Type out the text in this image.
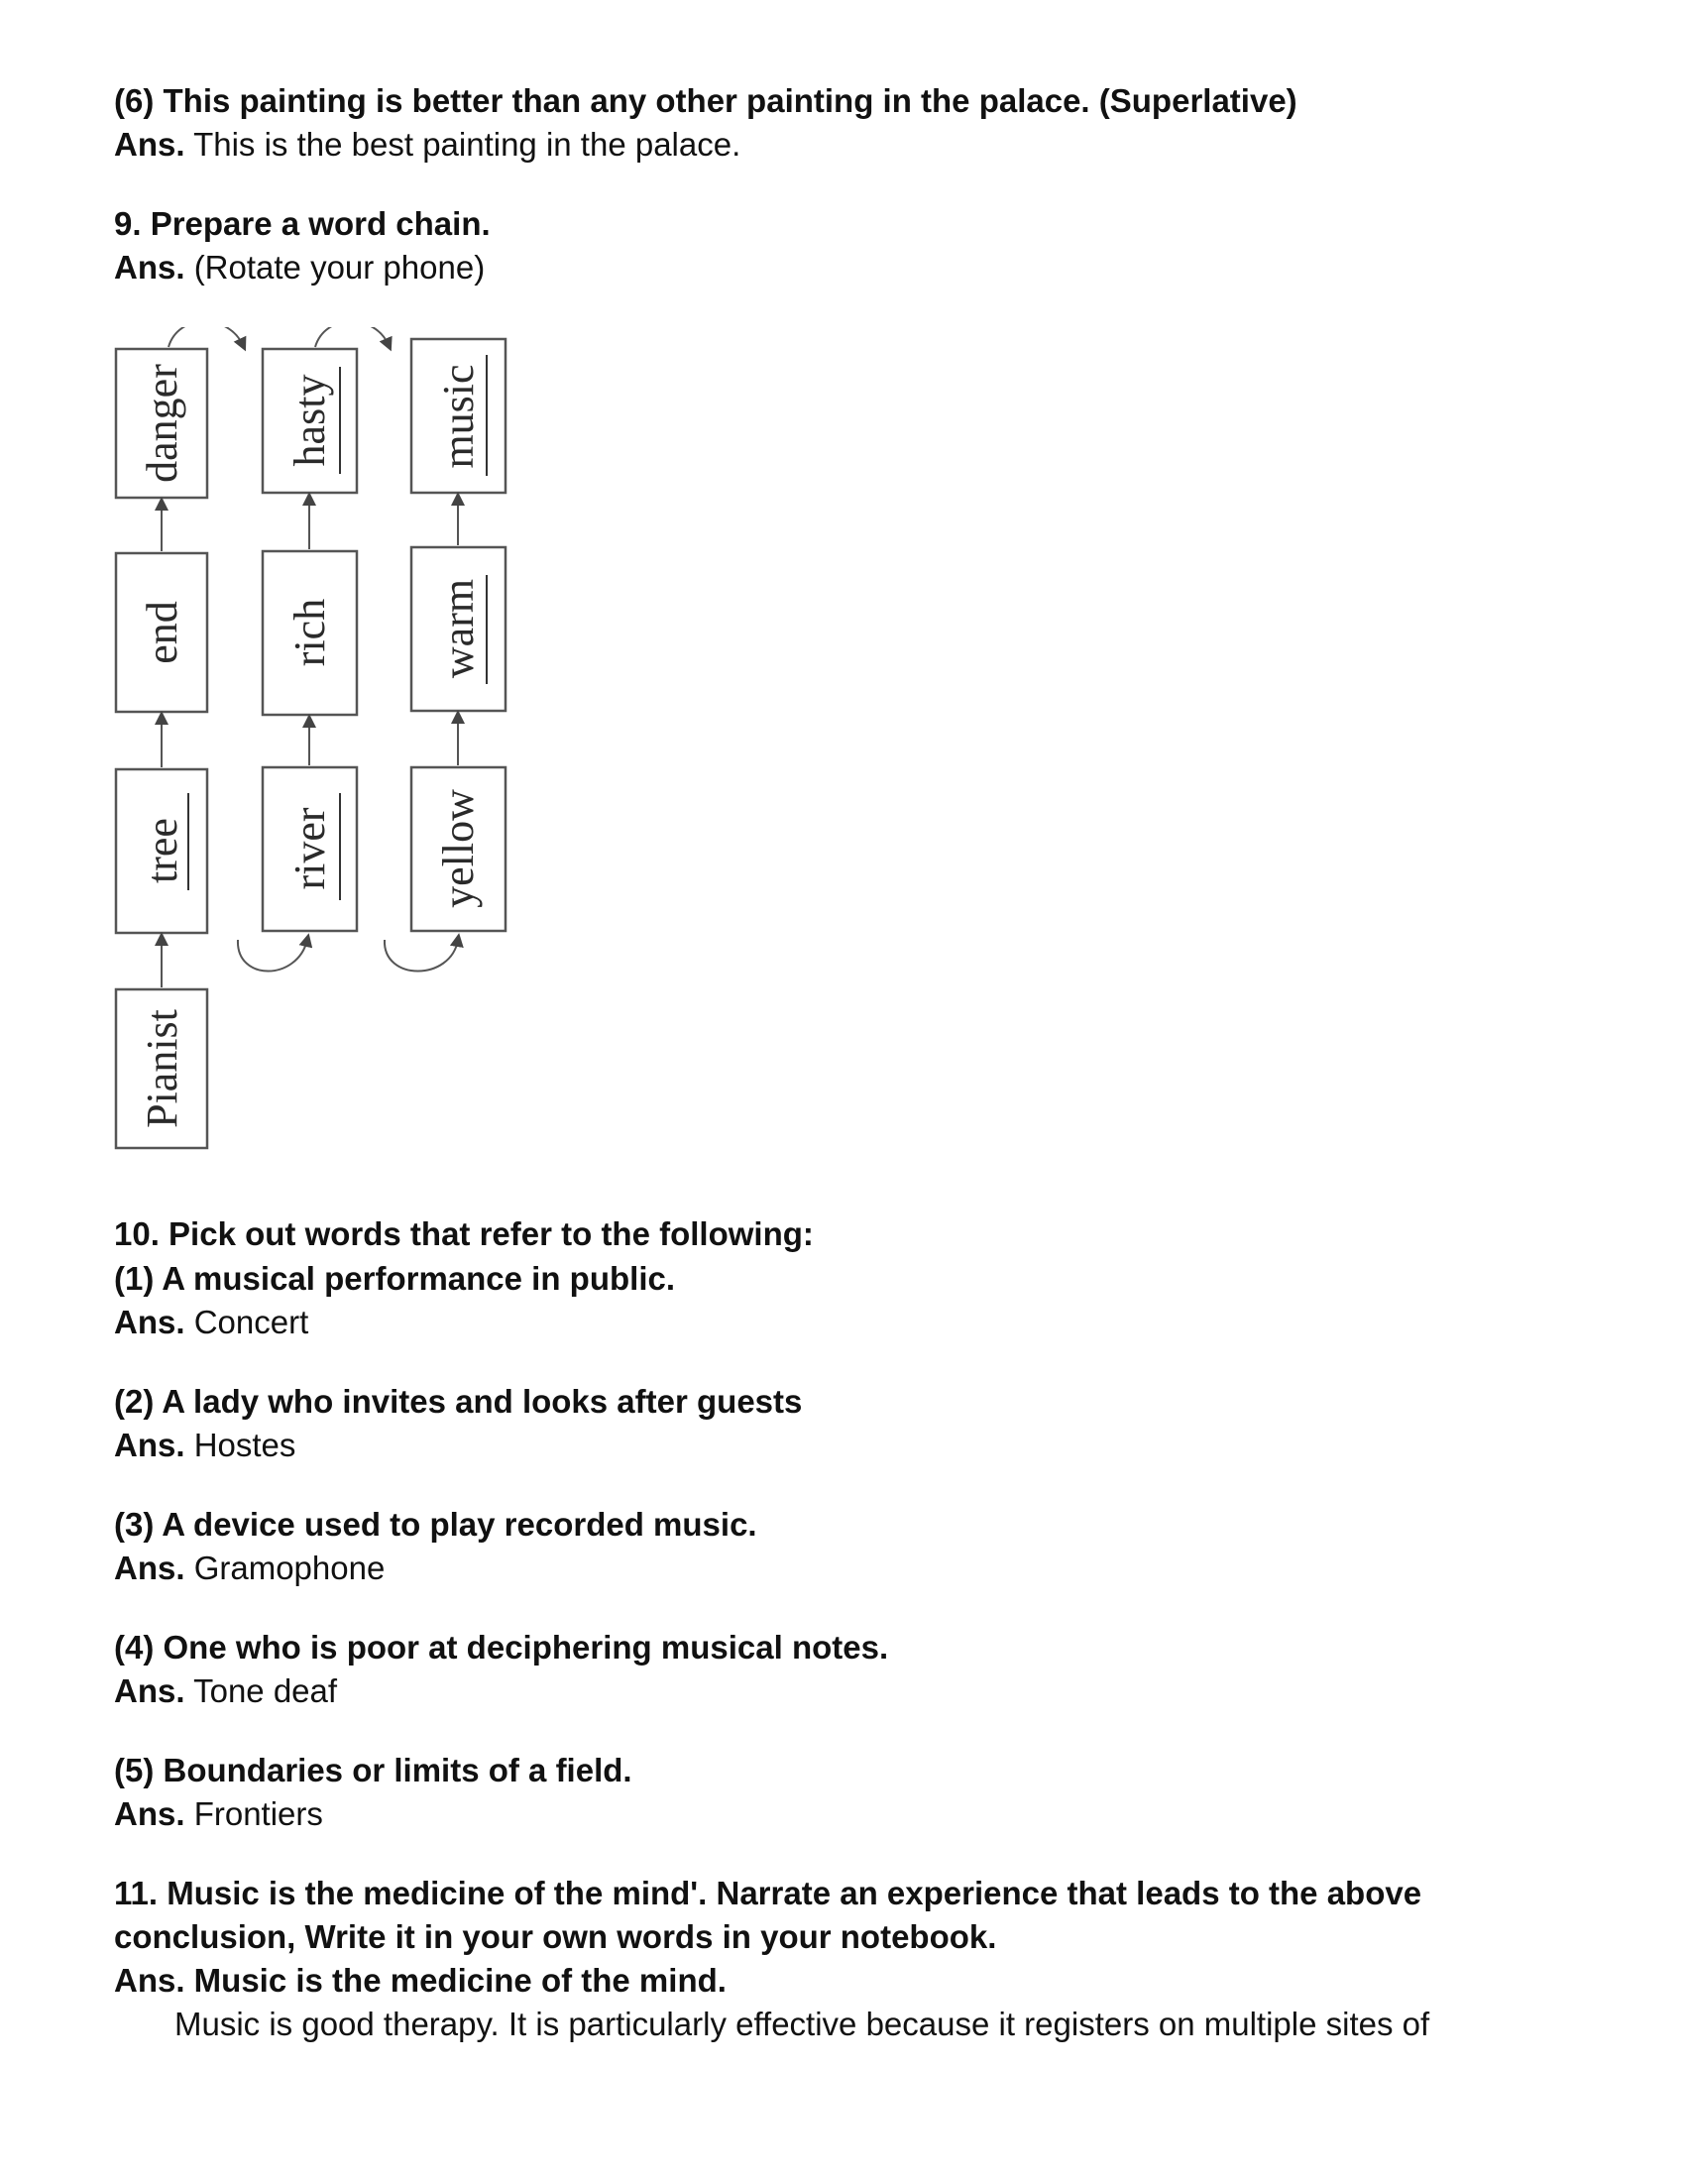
(6) This painting is better than any other painting in the palace. (Superlative)

Ans. This is the best painting in the palace.

9. Prepare a word chain.

Ans. (Rotate your phone)

danger
end
tree
Pianist
hasty
rich
river
music
warm
yellow

10. Pick out words that refer to the following:

(1) A musical performance in public.

Ans. Concert

(2) A lady who invites and looks after guests

Ans. Hostes

(3) A device used to play recorded music.

Ans. Gramophone

(4) One who is poor at deciphering musical notes.

Ans. Tone deaf

(5) Boundaries or limits of a field.

Ans. Frontiers

11. Music is the medicine of the mind'. Narrate an experience that leads to the above

conclusion, Write it in your own words in your notebook.

Ans. Music is the medicine of the mind.

Music is good therapy. It is particularly effective because it registers on multiple sites of
